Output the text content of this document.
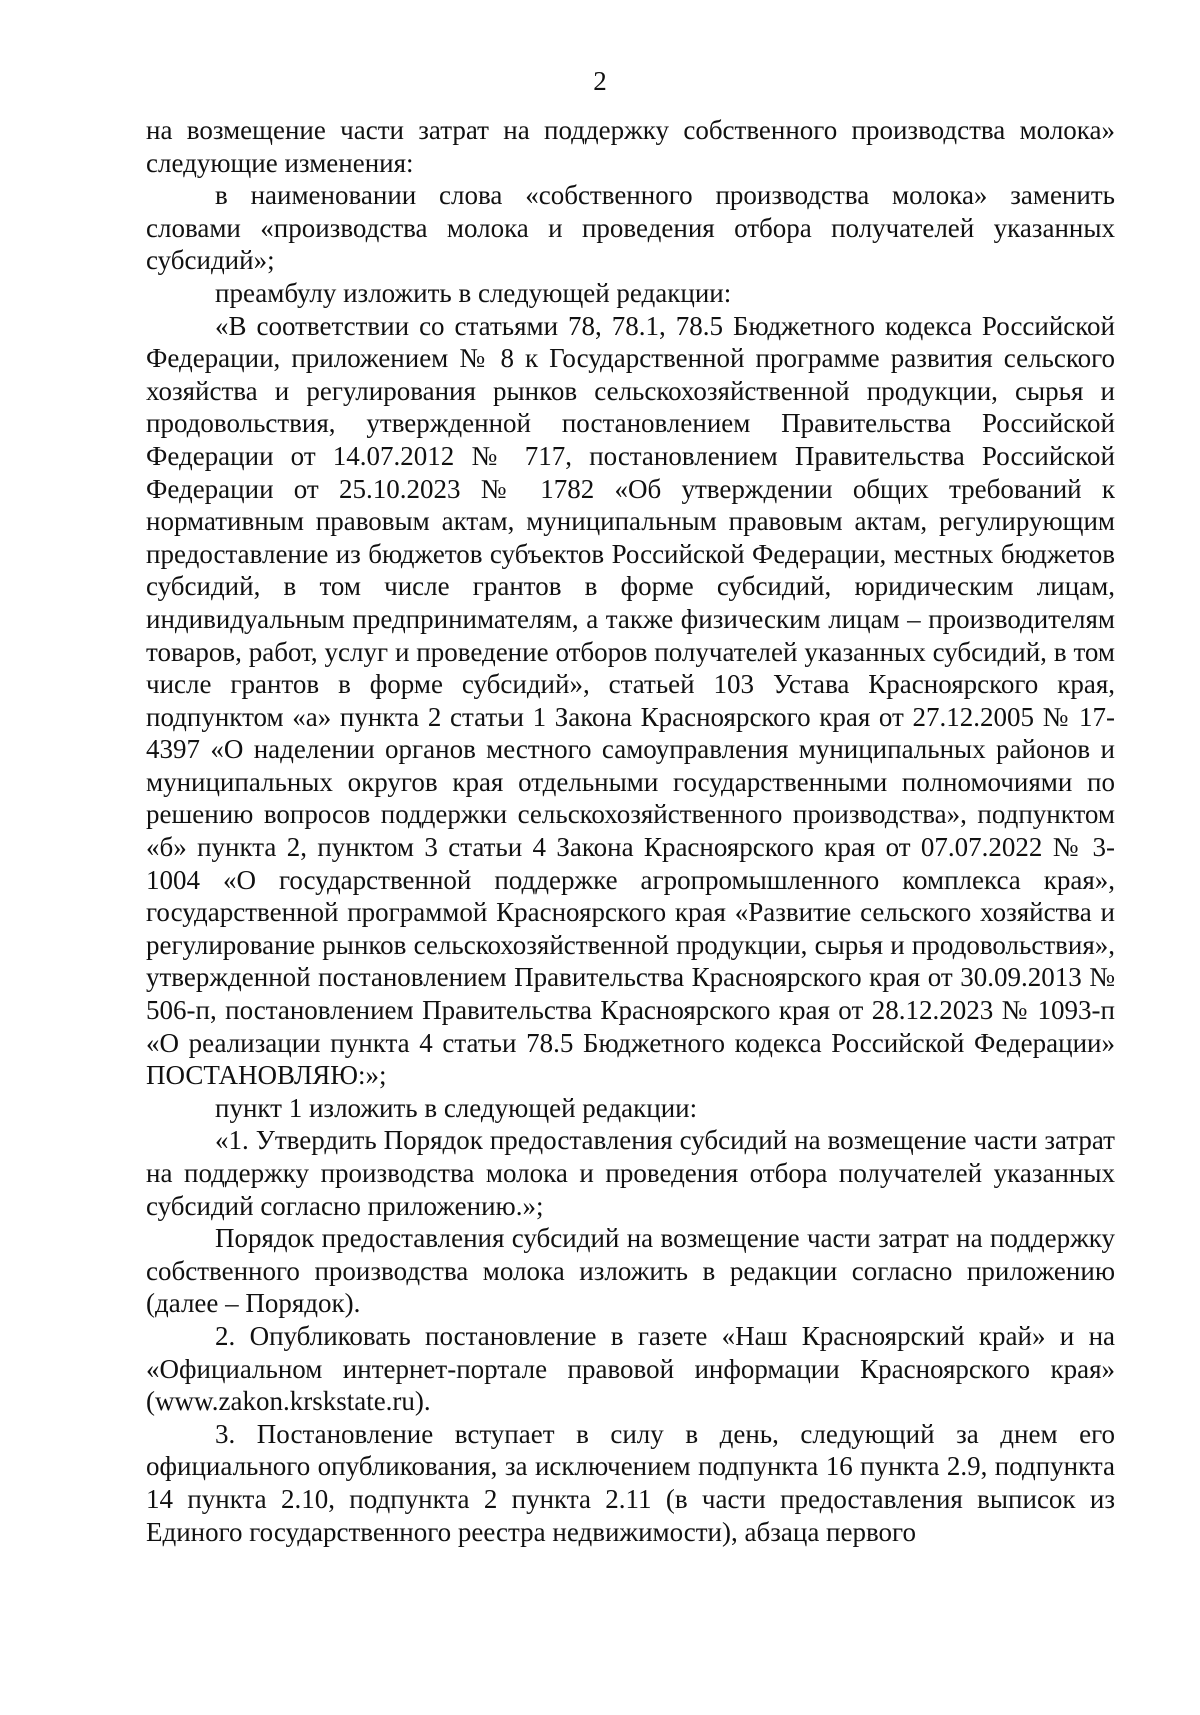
2

на возмещение части затрат на поддержку собственного производства молока» следующие изменения:

в наименовании слова «собственного производства молока» заменить словами «производства молока и проведения отбора получателей указанных субсидий»;

преамбулу изложить в следующей редакции:

«В соответствии со статьями 78, 78.1, 78.5 Бюджетного кодекса Российской Федерации, приложением № 8 к Государственной программе развития сельского хозяйства и регулирования рынков сельскохозяйственной продукции, сырья и продовольствия, утвержденной постановлением Правительства Российской Федерации от 14.07.2012 № 717, постановлением Правительства Российской Федерации от 25.10.2023 № 1782 «Об утверждении общих требований к нормативным правовым актам, муниципальным правовым актам, регулирующим предоставление из бюджетов субъектов Российской Федерации, местных бюджетов субсидий, в том числе грантов в форме субсидий, юридическим лицам, индивидуальным предпринимателям, а также физическим лицам – производителям товаров, работ, услуг и проведение отборов получателей указанных субсидий, в том числе грантов в форме субсидий», статьей 103 Устава Красноярского края, подпунктом «а» пункта 2 статьи 1 Закона Красноярского края от 27.12.2005 № 17-4397 «О наделении органов местного самоуправления муниципальных районов и муниципальных округов края отдельными государственными полномочиями по решению вопросов поддержки сельскохозяйственного производства», подпунктом «б» пункта 2, пунктом 3 статьи 4 Закона Красноярского края от 07.07.2022 № 3-1004 «О государственной поддержке агропромышленного комплекса края», государственной программой Красноярского края «Развитие сельского хозяйства и регулирование рынков сельскохозяйственной продукции, сырья и продовольствия», утвержденной постановлением Правительства Красноярского края от 30.09.2013 № 506-п, постановлением Правительства Красноярского края от 28.12.2023 № 1093-п «О реализации пункта 4 статьи 78.5 Бюджетного кодекса Российской Федерации» ПОСТАНОВЛЯЮ:»;

пункт 1 изложить в следующей редакции:

«1. Утвердить Порядок предоставления субсидий на возмещение части затрат на поддержку производства молока и проведения отбора получателей указанных субсидий согласно приложению.»;

Порядок предоставления субсидий на возмещение части затрат на поддержку собственного производства молока изложить в редакции согласно приложению (далее – Порядок).

2. Опубликовать постановление в газете «Наш Красноярский край» и на «Официальном интернет-портале правовой информации Красноярского края» (www.zakon.krskstate.ru).

3. Постановление вступает в силу в день, следующий за днем его официального опубликования, за исключением подпункта 16 пункта 2.9, подпункта 14 пункта 2.10, подпункта 2 пункта 2.11 (в части предоставления выписок из Единого государственного реестра недвижимости), абзаца первого
